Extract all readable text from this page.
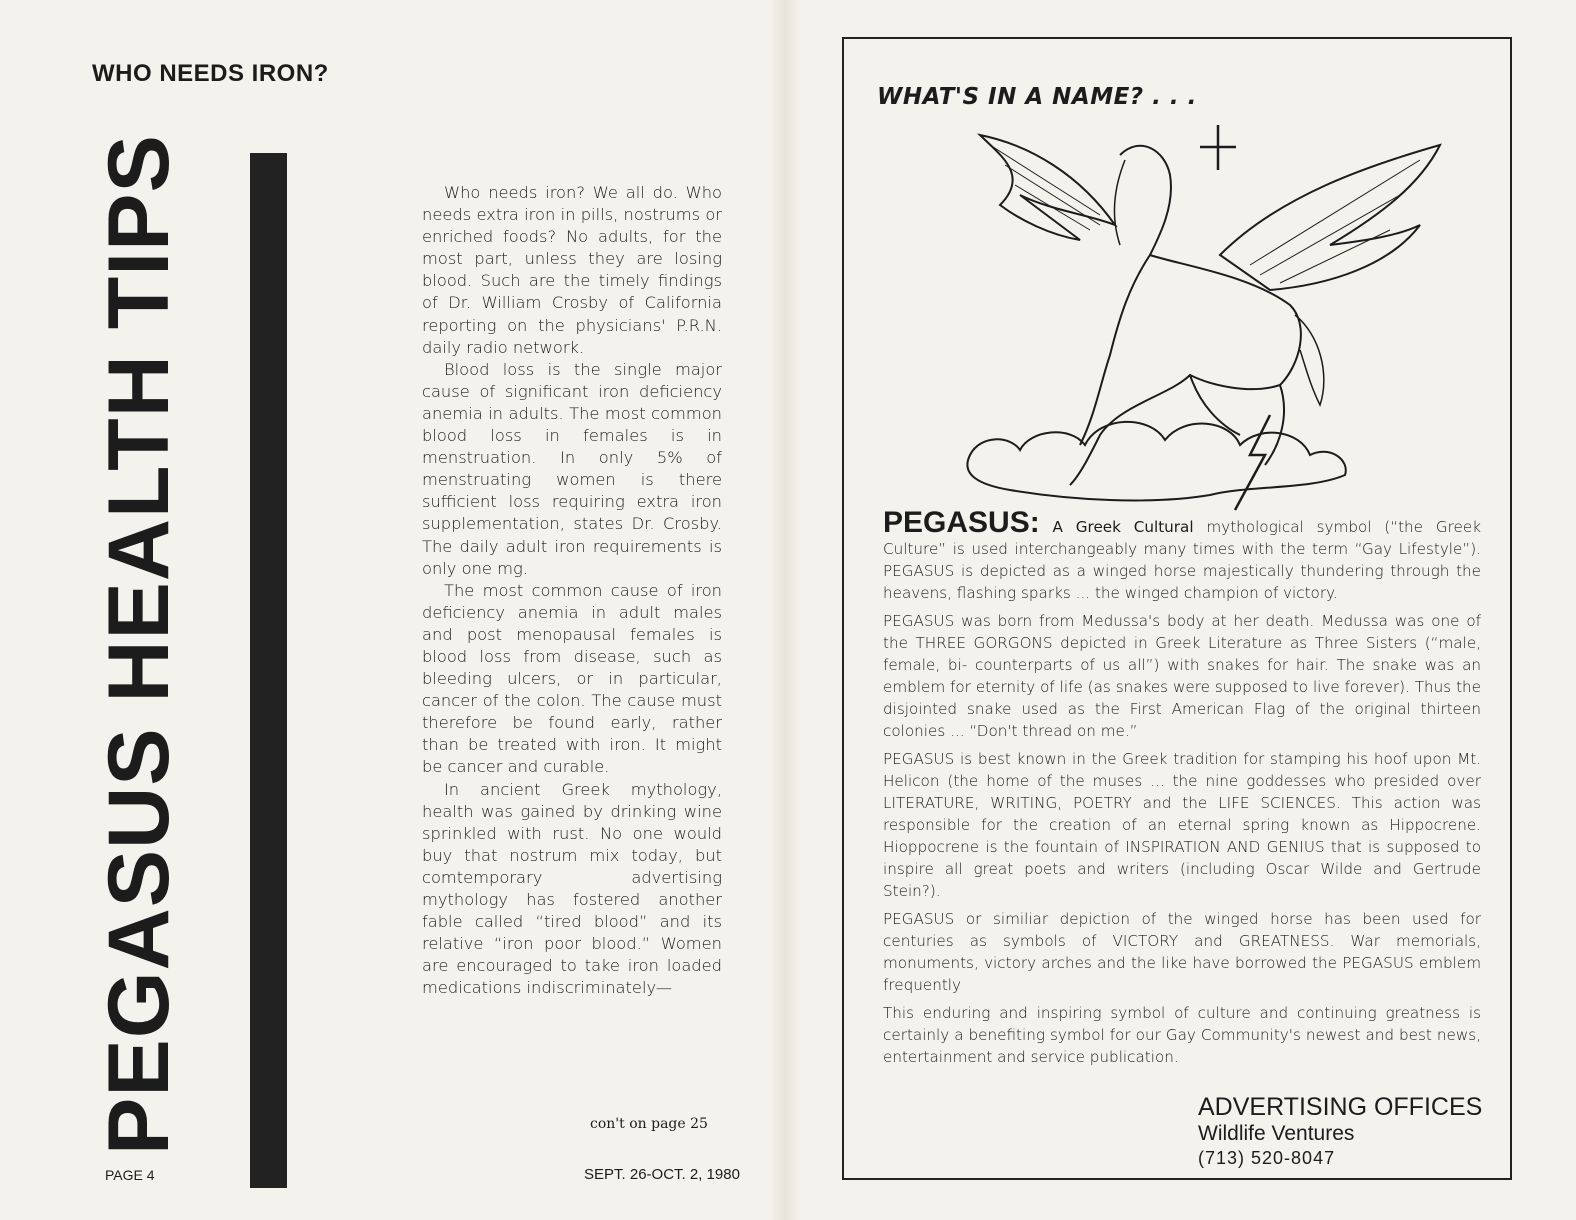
WHO NEEDS IRON?
PEGASUS HEALTH TIPS	Who needs iron? We all do. Who needs extra iron in pills, nostrums or enriched foods? No adults, for the most part, unless they are losing blood. Such are the timely findings of Dr. William Crosby of California reporting on the physicians' P.R.N. daily radio network.

Blood loss is the single major cause of significant iron deficiency anemia in adults. The most common blood loss in females is in menstruation. In only 5% of menstruating women is there sufficient loss requiring extra iron supplementation, states Dr. Crosby. The daily adult iron requirements is only one mg.

The most common cause of iron deficiency anemia in adult males and post menopausal females is blood loss from disease, such as bleeding ulcers, or in particular, cancer of the colon. The cause must therefore be found early, rather than be treated with iron. It might be cancer and curable.

In ancient Greek mythology, health was gained by drinking wine sprinkled with rust. No one would buy that nostrum mix today, but comtemporary advertising mythology has fostered another fable called “tired blood” and its relative “iron poor blood.” Women are encouraged to take iron loaded medications indiscriminately—

con't on page 25
PAGE 4	SEPT. 26-OCT. 2, 1980
WHAT'S IN A NAME? . . .

PEGASUS: A Greek Cultural mythological symbol (“the Greek Culture” is used interchangeably many times with the term “Gay Lifestyle”). PEGASUS is depicted as a winged horse majestically thundering through the heavens, flashing sparks ... the winged champion of victory.

PEGASUS was born from Medussa's body at her death. Medussa was one of the THREE GORGONS depicted in Greek Literature as Three Sisters (“male, female, bi- counterparts of us all”) with snakes for hair. The snake was an emblem for eternity of life (as snakes were supposed to live forever). Thus the disjointed snake used as the First American Flag of the original thirteen colonies ... “Don't thread on me.”

PEGASUS is best known in the Greek tradition for stamping his hoof upon Mt. Helicon (the home of the muses ... the nine goddesses who presided over LITERATURE, WRITING, POETRY and the LIFE SCIENCES. This action was responsible for the creation of an eternal spring known as Hippocrene. Hioppocrene is the fountain of INSPIRATION AND GENIUS that is supposed to inspire all great poets and writers (including Oscar Wilde and Gertrude Stein?).

PEGASUS or similiar depiction of the winged horse has been used for centuries as symbols of VICTORY and GREATNESS. War memorials, monuments, victory arches and the like have borrowed the PEGASUS emblem frequently

This enduring and inspiring symbol of culture and continuing greatness is certainly a benefiting symbol for our Gay Community's newest and best news, entertainment and service publication.

ADVERTISING OFFICES
Wildlife Ventures
(713) 520-8047
